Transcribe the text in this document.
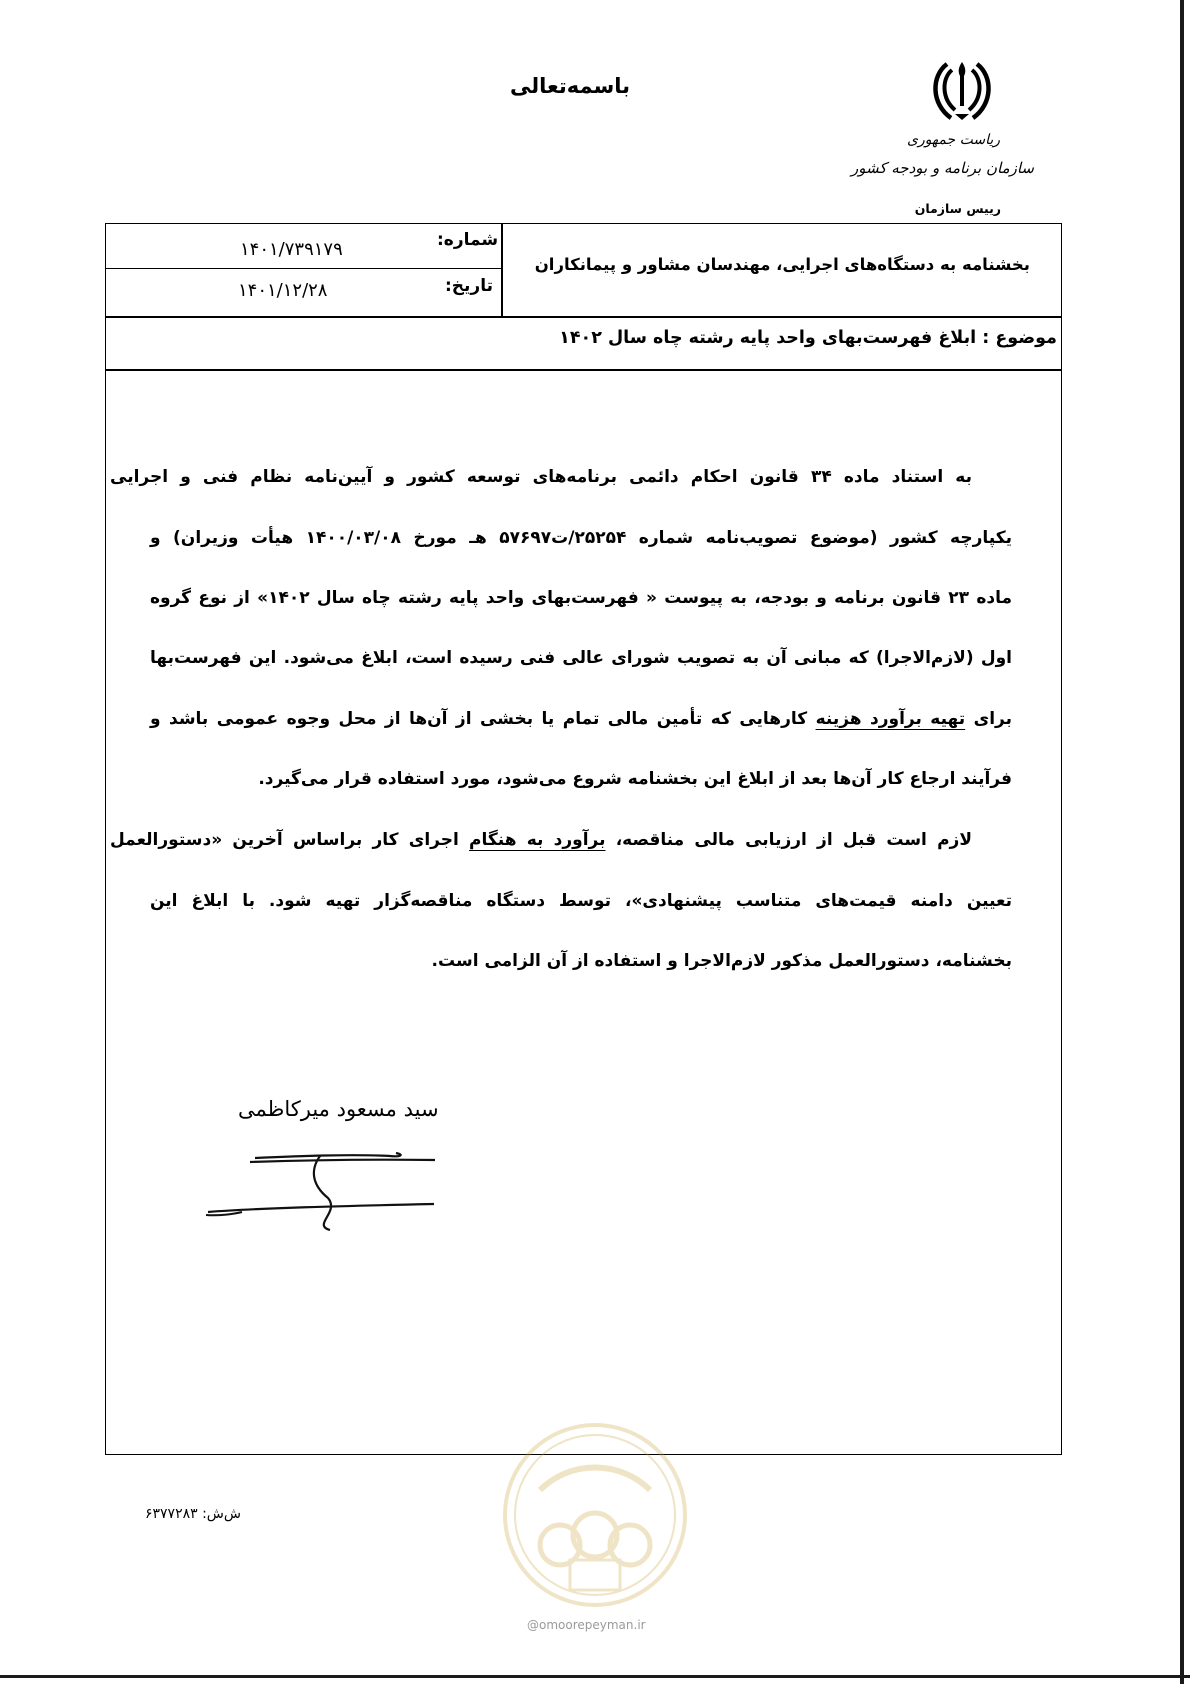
باسمه‌تعالی
ریاست جمهوری
سازمان برنامه و بودجه کشور
رییس سازمان
بخشنامه به دستگاه‌های اجرایی، مهندسان مشاور و پیمانکاران
شماره:
۱۴۰۱/۷۳۹۱۷۹
تاریخ:
۱۴۰۱/۱۲/۲۸
موضوع : ابلاغ فهرست‌بهای واحد پایه رشته چاه سال ۱۴۰۲
به استناد ماده ۳۴ قانون احکام دائمی برنامه‌های توسعه کشور و آیین‌نامه نظام فنی و اجرایی
یکپارچه کشور (موضوع تصویب‌نامه شماره ۲۵۲۵۴/ت۵۷۶۹۷ هـ مورخ ۱۴۰۰/۰۳/۰۸ هیأت وزیران) و
ماده ۲۳ قانون برنامه و بودجه، به پیوست « فهرست‌بهای واحد پایه رشته چاه سال ۱۴۰۲» از نوع گروه
اول (لازم‌الاجرا) که مبانی آن به تصویب شورای عالی فنی رسیده است، ابلاغ می‌شود. این فهرست‌بها
برای تهیه برآورد هزینه کارهایی که تأمین مالی تمام یا بخشی از آن‌ها از محل وجوه عمومی باشد و
فرآیند ارجاع کار آن‌ها بعد از ابلاغ این بخشنامه شروع می‌شود، مورد استفاده قرار می‌گیرد.
لازم است قبل از ارزیابی مالی مناقصه، برآورد به هنگام اجرای کار براساس آخرین «دستورالعمل
تعیین دامنه قیمت‌های متناسب پیشنهادی»، توسط دستگاه مناقصه‌گزار تهیه شود. با ابلاغ این
بخشنامه، دستورالعمل مذکور لازم‌الاجرا و استفاده از آن الزامی است.
سید مسعود میرکاظمی
ش‌ش: ۶۳۷۷۲۸۳
@omoorepeyman.ir
